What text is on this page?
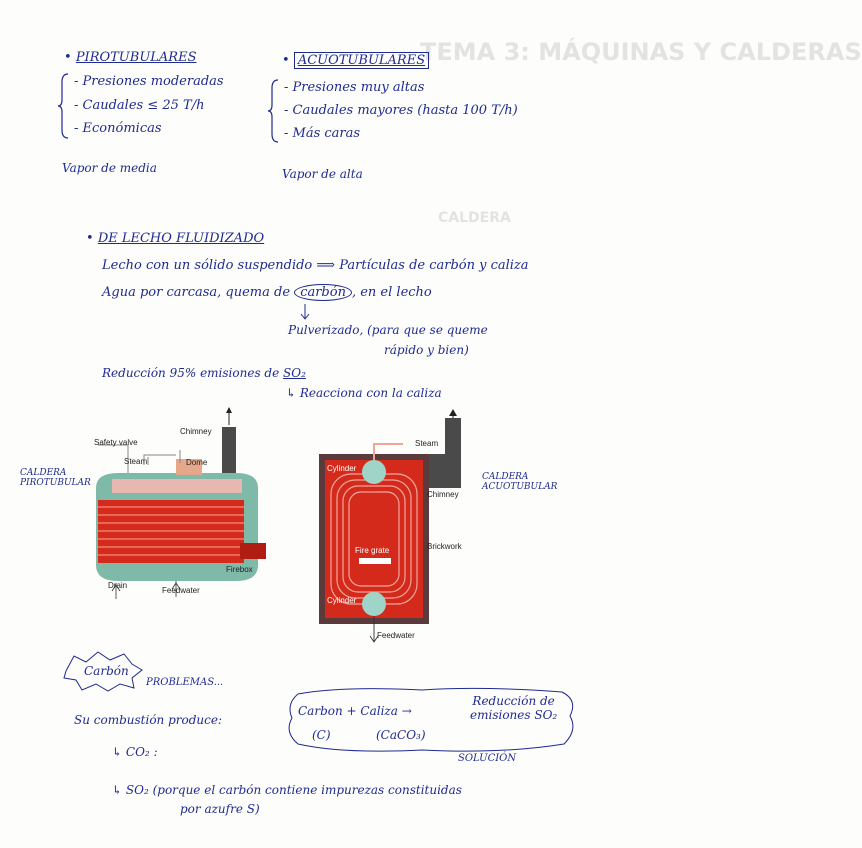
TEMA 3: MÁQUINAS Y CALDERAS
CALDERA
• PIROTUBULARES
- Presiones moderadas
- Caudales ≤ 25 T/h
- Económicas
Vapor de media
• ACUOTUBULARES
- Presiones muy altas
- Caudales mayores (hasta 100 T/h)
- Más caras
Vapor de alta
• DE LECHO FLUIDIZADO
Lecho con un sólido suspendido ⟹ Partículas de carbón y caliza
Agua por carcasa, quema de carbón , en el lecho
Pulverizado, (para que se queme
rápido y bien)
Reducción 95% emisiones de SO₂
↳ Reacciona con la caliza
CALDERA
PIROTUBULAR
CALDERA
ACUOTUBULAR
Safety valve
Steam	Dome
Chimney
Drain
Feedwater
Firebox
Steam
Cylinder
Chimney
Brickwork
Fire grate
Cylinder
Feedwater
Carbón
PROBLEMAS...
Su combustión produce:
↳ CO₂ :
↳ SO₂ (porque el carbón contiene impurezas constituidas
por azufre S)
Carbon + Caliza →
Reducción de
emisiones SO₂
(C)	(CaCO₃)
SOLUCIÓN
